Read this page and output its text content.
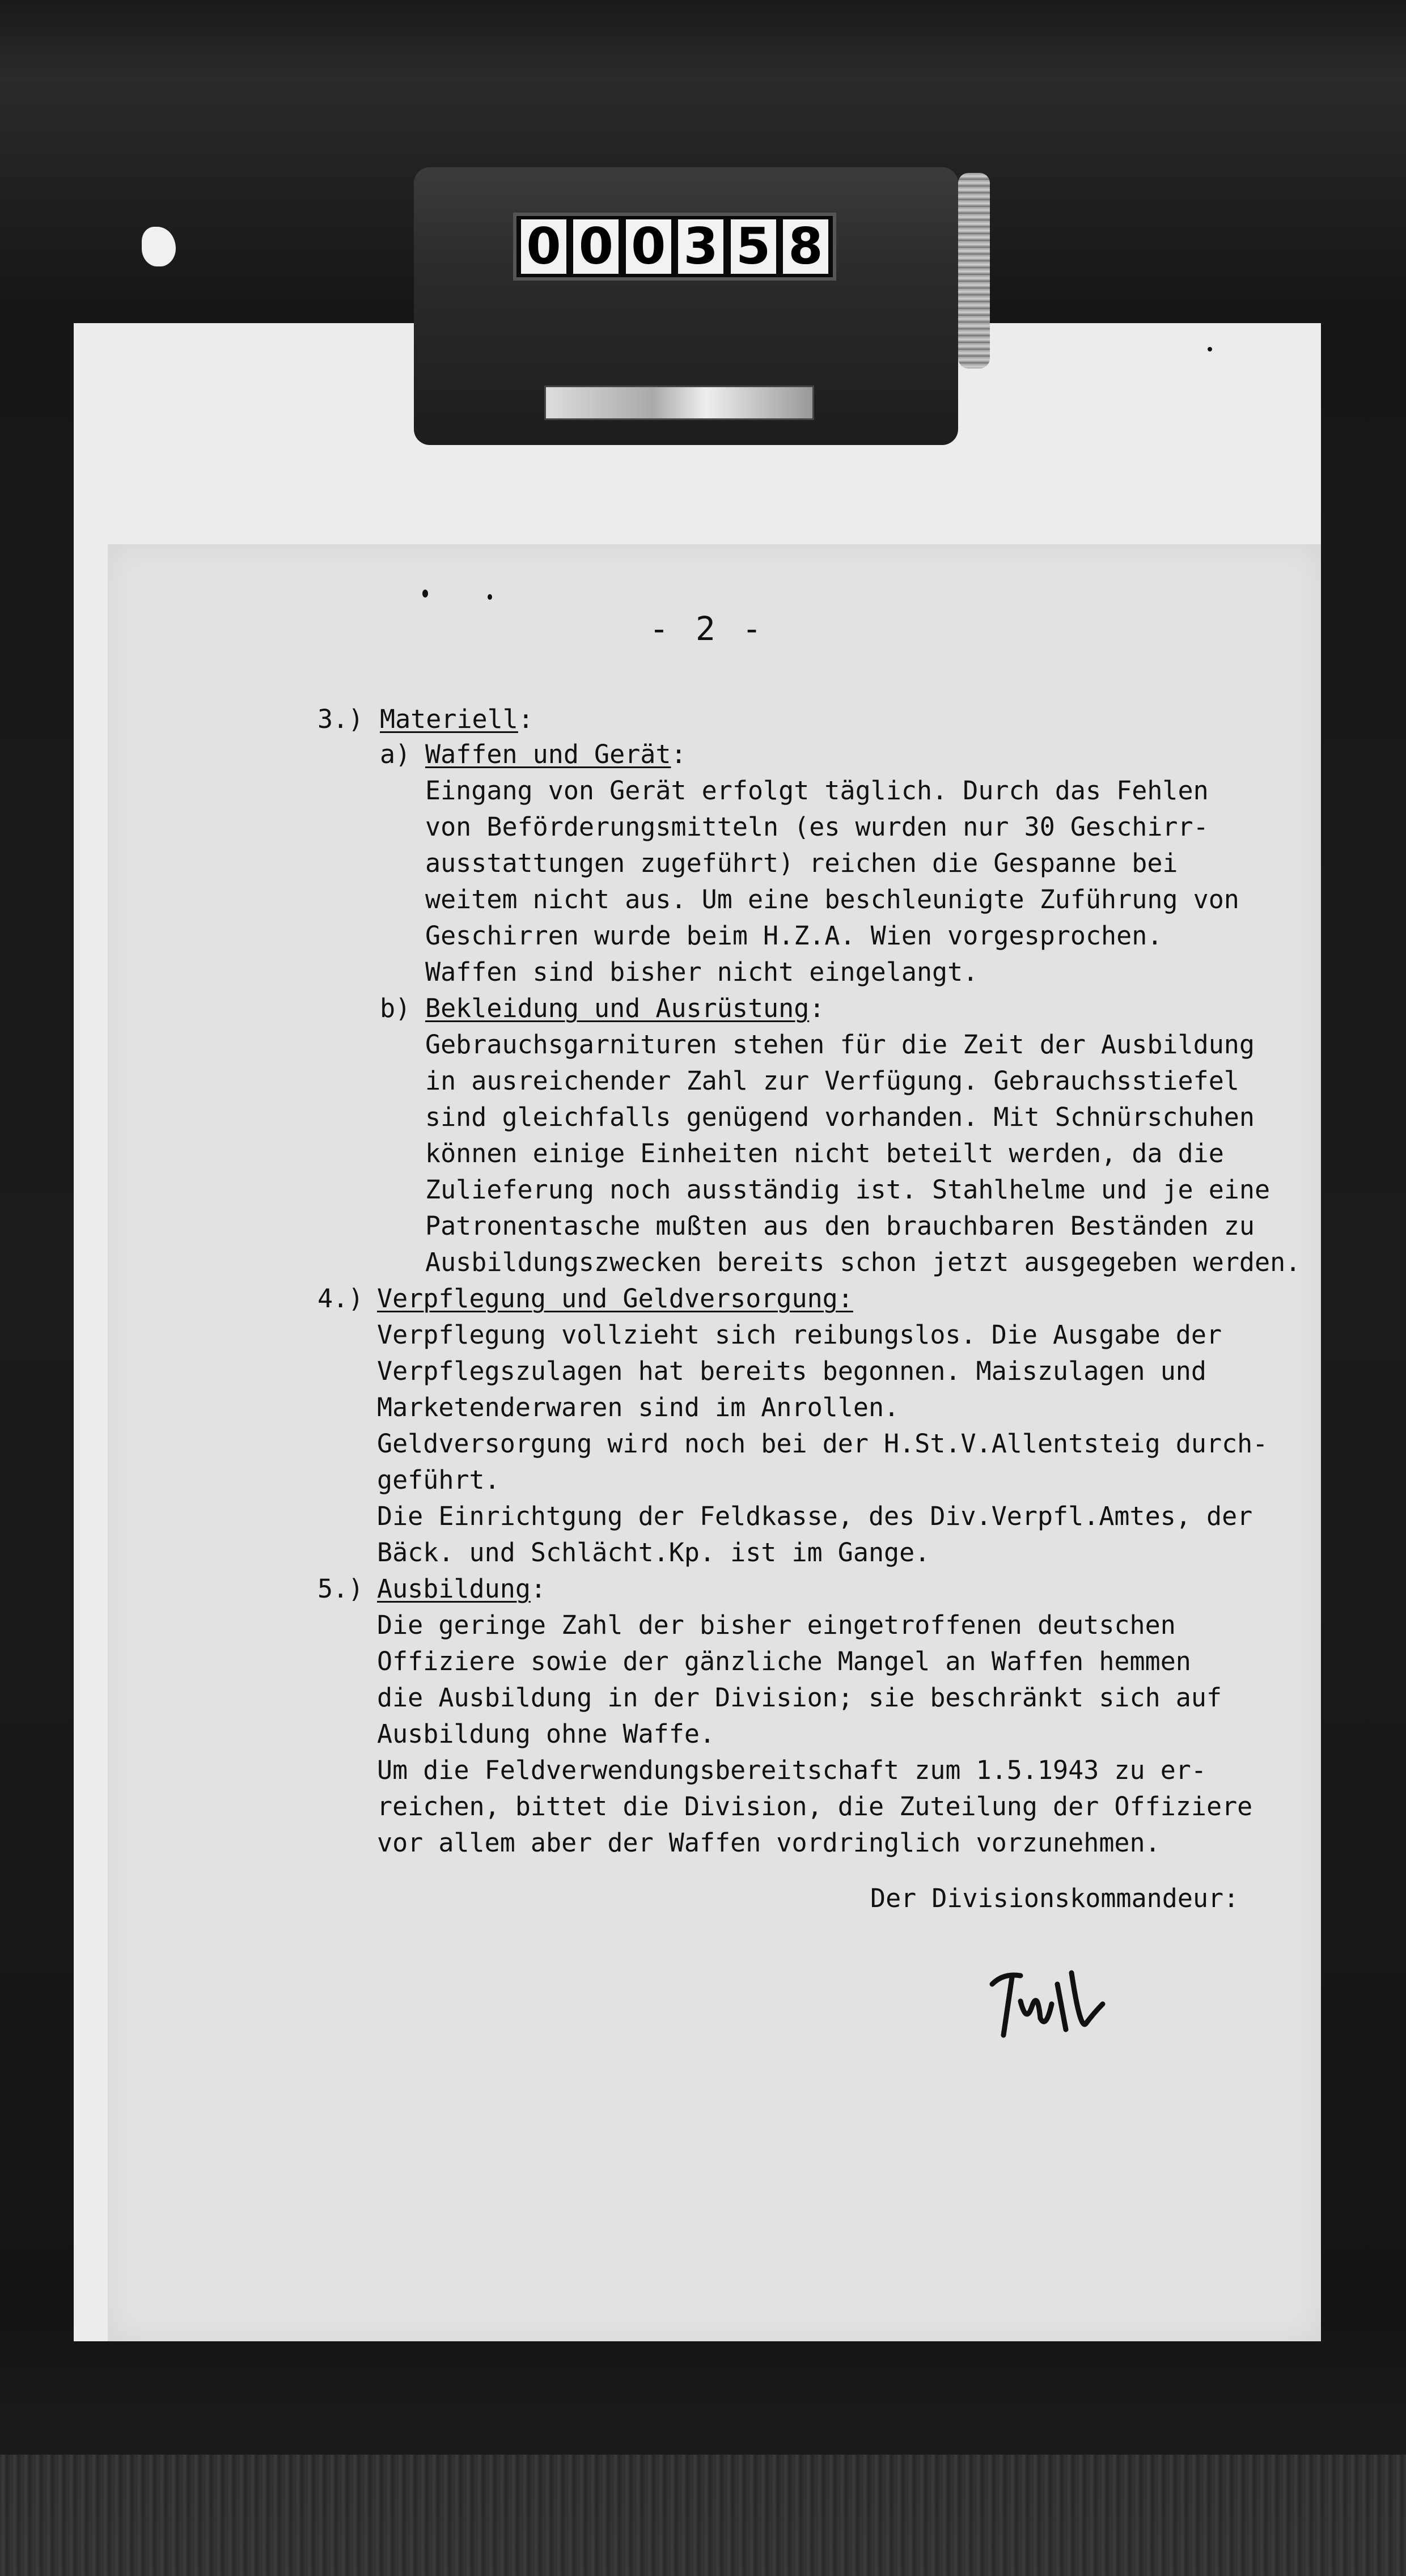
0 0 0 3 5 8
- 2 -
3.) Materiell:
a) Waffen und Gerät:
Eingang von Gerät erfolgt täglich. Durch das Fehlen
von Beförderungsmitteln (es wurden nur 30 Geschirr-
ausstattungen zugeführt) reichen die Gespanne bei
weitem nicht aus. Um eine beschleunigte Zuführung von
Geschirren wurde beim H.Z.A. Wien vorgesprochen.
Waffen sind bisher nicht eingelangt.
b) Bekleidung und Ausrüstung:
Gebrauchsgarnituren stehen für die Zeit der Ausbildung
in ausreichender Zahl zur Verfügung. Gebrauchsstiefel
sind gleichfalls genügend vorhanden. Mit Schnürschuhen
können einige Einheiten nicht beteilt werden, da die
Zulieferung noch ausständig ist. Stahlhelme und je eine
Patronentasche mußten aus den brauchbaren Beständen zu
Ausbildungszwecken bereits schon jetzt ausgegeben werden.
4.) Verpflegung und Geldversorgung:
Verpflegung vollzieht sich reibungslos. Die Ausgabe der
Verpflegszulagen hat bereits begonnen. Maiszulagen und
Marketenderwaren sind im Anrollen.
Geldversorgung wird noch bei der H.St.V.Allentsteig durch-
geführt.
Die Einrichtgung der Feldkasse, des Div.Verpfl.Amtes, der
Bäck. und Schlächt.Kp. ist im Gange.
5.) Ausbildung:
Die geringe Zahl der bisher eingetroffenen deutschen
Offiziere sowie der gänzliche Mangel an Waffen hemmen
die Ausbildung in der Division; sie beschränkt sich auf
Ausbildung ohne Waffe.
Um die Feldverwendungsbereitschaft zum 1.5.1943 zu er-
reichen, bittet die Division, die Zuteilung der Offiziere
vor allem aber der Waffen vordringlich vorzunehmen.
Der Divisionskommandeur:
